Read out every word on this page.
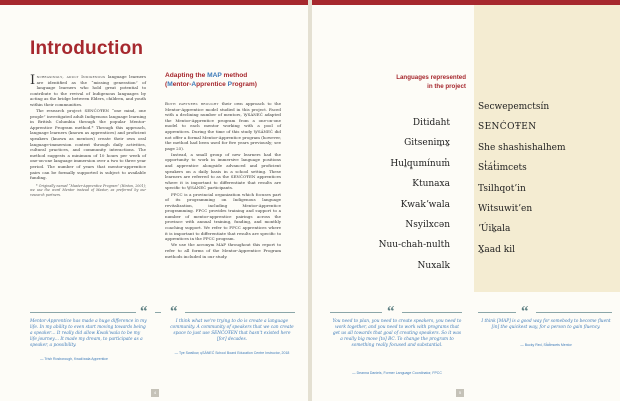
Introduction

Increasingly, adult Indigenous language learners are identified as the “missing generation” of language learners who hold great potential to contribute to the revival of Indigenous languages by acting as the bridge between Elders, children, and youth within their communities.

The research project SENĆOŦEN “one mind, one people” investigated adult Indigenous language learning in British Columbia through the popular Mentor-Apprentice Program method.* Through this approach, language learners (known as apprentices) and proficient speakers (known as mentors) create their own oral language-immersion context through daily activities, cultural practices, and community interactions. The method suggests a minimum of 10 hours per week of one-on-one language immersion over a two to three year period. The number of years that mentor-apprentice pairs can be formally supported is subject to available funding.

* Originally named “Master-Apprentice Program” (Hinton, 2001); we use the word Mentor instead of Master, as preferred by our research partners.

Adapting the MAP method
(Mentor-Apprentice Program)

Both partners brought their own approach to the Mentor-Apprentice model studied in this project. Faced with a declining number of mentors, W̱SÁNEĆ adapted the Mentor-Apprentice program from a one-on-one model to each mentor working with a pool of apprentices. During the time of this study W̱SÁNEĆ did not offer a formal Mentor-Apprentice program (however, the method had been used for five years previously; see page 25).

Instead, a small group of new learners had the opportunity to work in immersive language positions and apprentice alongside advanced and proficient speakers on a daily basis in a school setting. These learners are referred to as the SENĆOŦEN apprentices where it is important to differentiate that results are specific to W̱SÁNEĆ participants.

FPCC is a provincial organization which focuses part of its programming on Indigenous language revitalization, including Mentor-Apprentice programming. FPCC provides training and support to a number of mentor-apprentice pairings across the province with annual training, funding, and monthly coaching support. We refer to FPCC apprentices where it is important to differentiate that results are specific to apprentices in the FPCC program.

We use the acronym MAP throughout this report to refer to all forms of the Mentor-Apprentice Program methods included in our study.

“ “

Mentor-Apprentice has made a huge difference in my life. In my ability to even start moving towards being a speaker… It really did allow Kwak'wala to be my life journey… It made my dream, to participate as a speaker, a possibility.

— Trish Rosborough, Kwak'wala Apprentice

I think what we're trying to do is create a language community. A community of speakers that we can create space to just use SENĆOŦEN that hasn't existed here [for] decades.

— Tye Swallow, ųSÁNEĆ School Board Education Centre Instructor, 2018

4
Languages represented
in the project
Ditidaht
Gitsenim̱x̱
Huḻq̱umínum̓
Ktunaxa
Kwakʼwala
Nsyilxcən
Nuu-chah-nulth
Nuxalk
Secwepemctsín
SENĆOŦEN
She shashishalhem
St̓át̓imcets
Tsilhqot’in
Witsuwit’en
ʼÚiḵala
X̱aad kil
“	“

You need to plan, you need to create speakers, you need to work together, and you need to work with programs that get us all towards that goal of creating speakers. So it was a really big move [to] BC. To change the program to something really focused and substantial.

— Deanna Daniels, Former Language Coordinator, FPCC

I think [MAP] is a good way for somebody to become fluent [in] the quickest way, for a person to gain fluency.

— Bucky Red, St̓át̓imcets Mentor

5
